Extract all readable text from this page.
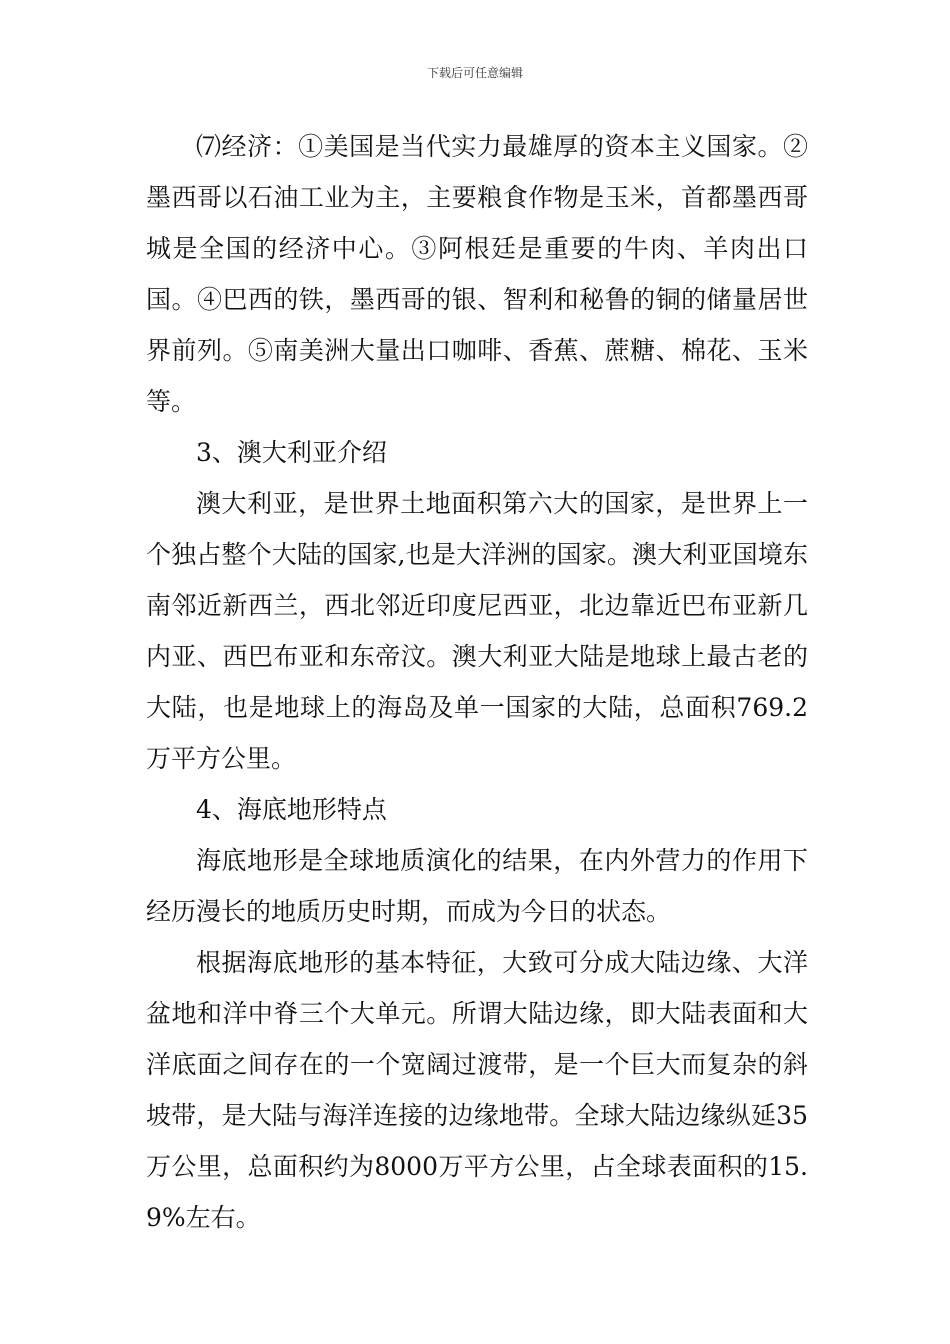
下载后可任意编辑

⑺经济：①美国是当代实力最雄厚的资本主义国家。②墨西哥以石油工业为主，主要粮食作物是玉米，首都墨西哥城是全国的经济中心。③阿根廷是重要的牛肉、羊肉出口国。④巴西的铁，墨西哥的银、智利和秘鲁的铜的储量居世界前列。⑤南美洲大量出口咖啡、香蕉、蔗糖、棉花、玉米等。

3、澳大利亚介绍

澳大利亚，是世界土地面积第六大的国家，是世界上一个独占整个大陆的国家,也是大洋洲的国家。澳大利亚国境东南邻近新西兰，西北邻近印度尼西亚，北边靠近巴布亚新几内亚、西巴布亚和东帝汶。澳大利亚大陆是地球上最古老的大陆，也是地球上的海岛及单一国家的大陆，总面积769.2万平方公里。

4、海底地形特点

海底地形是全球地质演化的结果，在内外营力的作用下经历漫长的地质历史时期，而成为今日的状态。

根据海底地形的基本特征，大致可分成大陆边缘、大洋盆地和洋中脊三个大单元。所谓大陆边缘，即大陆表面和大洋底面之间存在的一个宽阔过渡带，是一个巨大而复杂的斜坡带，是大陆与海洋连接的边缘地带。全球大陆边缘纵延35万公里，总面积约为8000万平方公里，占全球表面积的15.9%左右。
